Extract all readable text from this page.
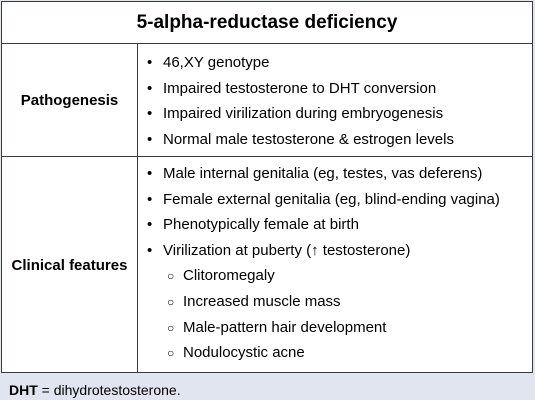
5-alpha-reductase deficiency
Pathogenesis
• 46,XY genotype
• Impaired testosterone to DHT conversion
• Impaired virilization during embryogenesis
• Normal male testosterone & estrogen levels
Clinical features
• Male internal genitalia (eg, testes, vas deferens)
• Female external genitalia (eg, blind-ending vagina)
• Phenotypically female at birth
• Virilization at puberty (↑ testosterone)
○ Clitoromegaly
○ Increased muscle mass
○ Male-pattern hair development
○ Nodulocystic acne
DHT = dihydrotestosterone.
